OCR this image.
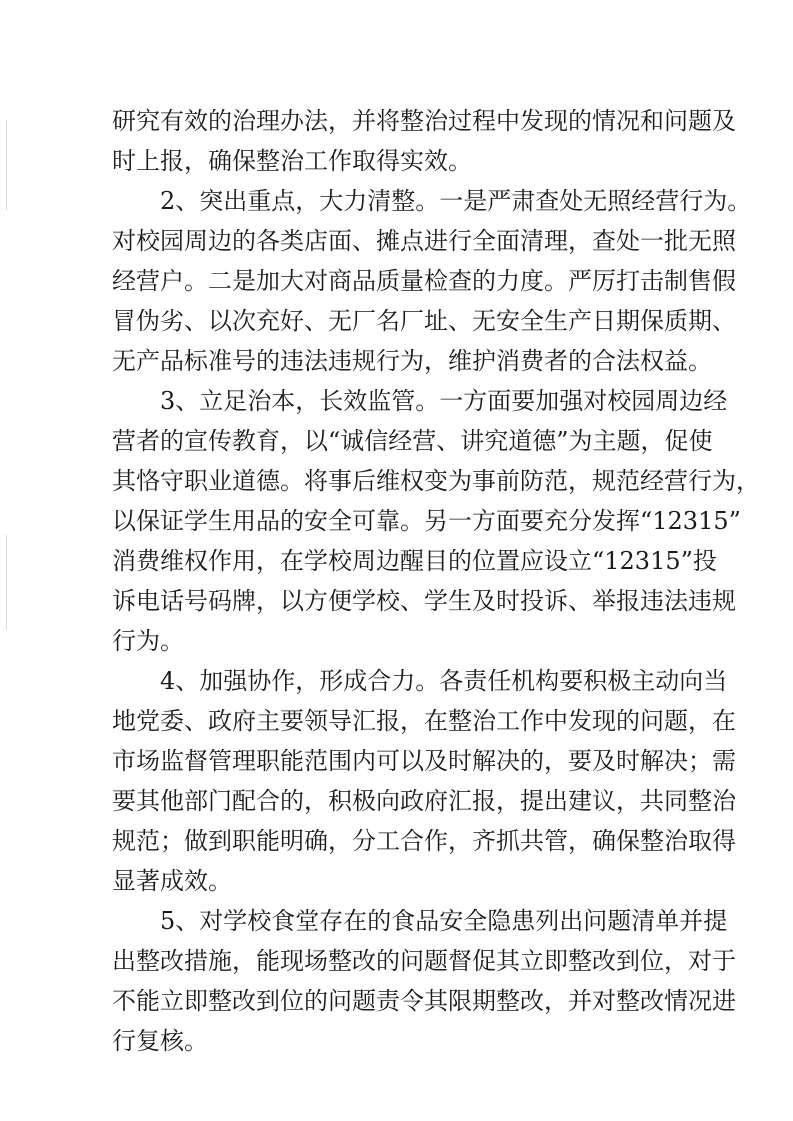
研究有效的治理办法，并将整治过程中发现的情况和问题及
时上报，确保整治工作取得实效。
2、突出重点，大力清整。一是严肃查处无照经营行为。
对校园周边的各类店面、摊点进行全面清理，查处一批无照
经营户。二是加大对商品质量检查的力度。严厉打击制售假
冒伪劣、以次充好、无厂名厂址、无安全生产日期保质期、
无产品标准号的违法违规行为，维护消费者的合法权益。
3、立足治本，长效监管。一方面要加强对校园周边经
营者的宣传教育，以“诚信经营、讲究道德”为主题，促使
其恪守职业道德。将事后维权变为事前防范，规范经营行为，
以保证学生用品的安全可靠。另一方面要充分发挥“12315”
消费维权作用，在学校周边醒目的位置应设立“12315”投
诉电话号码牌，以方便学校、学生及时投诉、举报违法违规
行为。
4、加强协作，形成合力。各责任机构要积极主动向当
地党委、政府主要领导汇报，在整治工作中发现的问题，在
市场监督管理职能范围内可以及时解决的，要及时解决；需
要其他部门配合的，积极向政府汇报，提出建议，共同整治
规范；做到职能明确，分工合作，齐抓共管，确保整治取得
显著成效。
5、对学校食堂存在的食品安全隐患列出问题清单并提
出整改措施，能现场整改的问题督促其立即整改到位，对于
不能立即整改到位的问题责令其限期整改，并对整改情况进
行复核。
